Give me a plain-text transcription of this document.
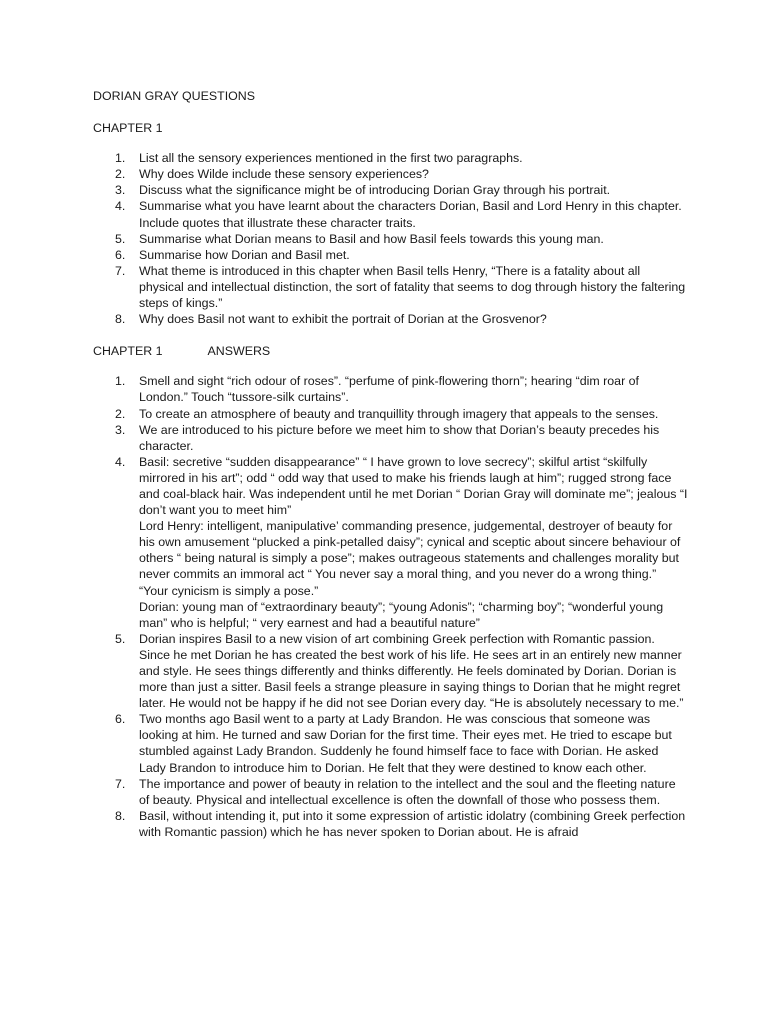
DORIAN GRAY QUESTIONS
CHAPTER 1
1.	List all the sensory experiences mentioned in the first two paragraphs.
2.	Why does Wilde include these sensory experiences?
3.	Discuss what the significance might be of introducing Dorian Gray through his portrait.
4.	Summarise what you have learnt about the characters Dorian, Basil and Lord Henry in this chapter. Include quotes that illustrate these character traits.
5.	Summarise what Dorian means to Basil and how Basil feels towards this young man.
6.	Summarise how Dorian and Basil met.
7.	What theme is introduced in this chapter when Basil tells Henry, “There is a fatality about all physical and intellectual distinction, the sort of fatality that seems to dog through history the faltering steps of kings.”
8.	Why does Basil not want to exhibit the portrait of Dorian at the Grosvenor?
CHAPTER 1	ANSWERS
1.	Smell and sight “rich odour of roses”. “perfume of pink-flowering thorn”; hearing “dim roar of London.” Touch “tussore-silk curtains”.

2.	To create an atmosphere of beauty and tranquillity through imagery that appeals to the senses.

3.	We are introduced to his picture before we meet him to show that Dorian’s beauty precedes his character.

4.	Basil: secretive “sudden disappearance” “ I have grown to love secrecy”; skilful artist “skilfully mirrored in his art”; odd “ odd way that used to make his friends laugh at him”; rugged strong face and coal-black hair. Was independent until he met Dorian “ Dorian Gray will dominate me”; jealous “I don’t want you to meet him”

Lord Henry: intelligent, manipulative’ commanding presence, judgemental, destroyer of beauty for his own amusement “plucked a pink-petalled daisy”; cynical and sceptic about sincere behaviour of others “ being natural is simply a pose”; makes outrageous statements and challenges morality but never commits an immoral act “ You never say a moral thing, and you never do a wrong thing.” “Your cynicism is simply a pose.”

Dorian: young man of “extraordinary beauty”; “young Adonis”; “charming boy”; “wonderful young man” who is helpful; “ very earnest and had a beautiful nature”

5.	Dorian inspires Basil to a new vision of art combining Greek perfection with Romantic passion. Since he met Dorian he has created the best work of his life. He sees art in an entirely new manner and style. He sees things differently and thinks differently. He feels dominated by Dorian. Dorian is more than just a sitter. Basil feels a strange pleasure in saying things to Dorian that he might regret later. He would not be happy if he did not see Dorian every day. “He is absolutely necessary to me.”

6.	Two months ago Basil went to a party at Lady Brandon. He was conscious that someone was looking at him. He turned and saw Dorian for the first time. Their eyes met. He tried to escape but stumbled against Lady Brandon. Suddenly he found himself face to face with Dorian. He asked Lady Brandon to introduce him to Dorian. He felt that they were destined to know each other.

7.	The importance and power of beauty in relation to the intellect and the soul and the fleeting nature of beauty. Physical and intellectual excellence is often the downfall of those who possess them.

8.	Basil, without intending it, put into it some expression of artistic idolatry (combining Greek perfection with Romantic passion) which he has never spoken to Dorian about. He is afraid
